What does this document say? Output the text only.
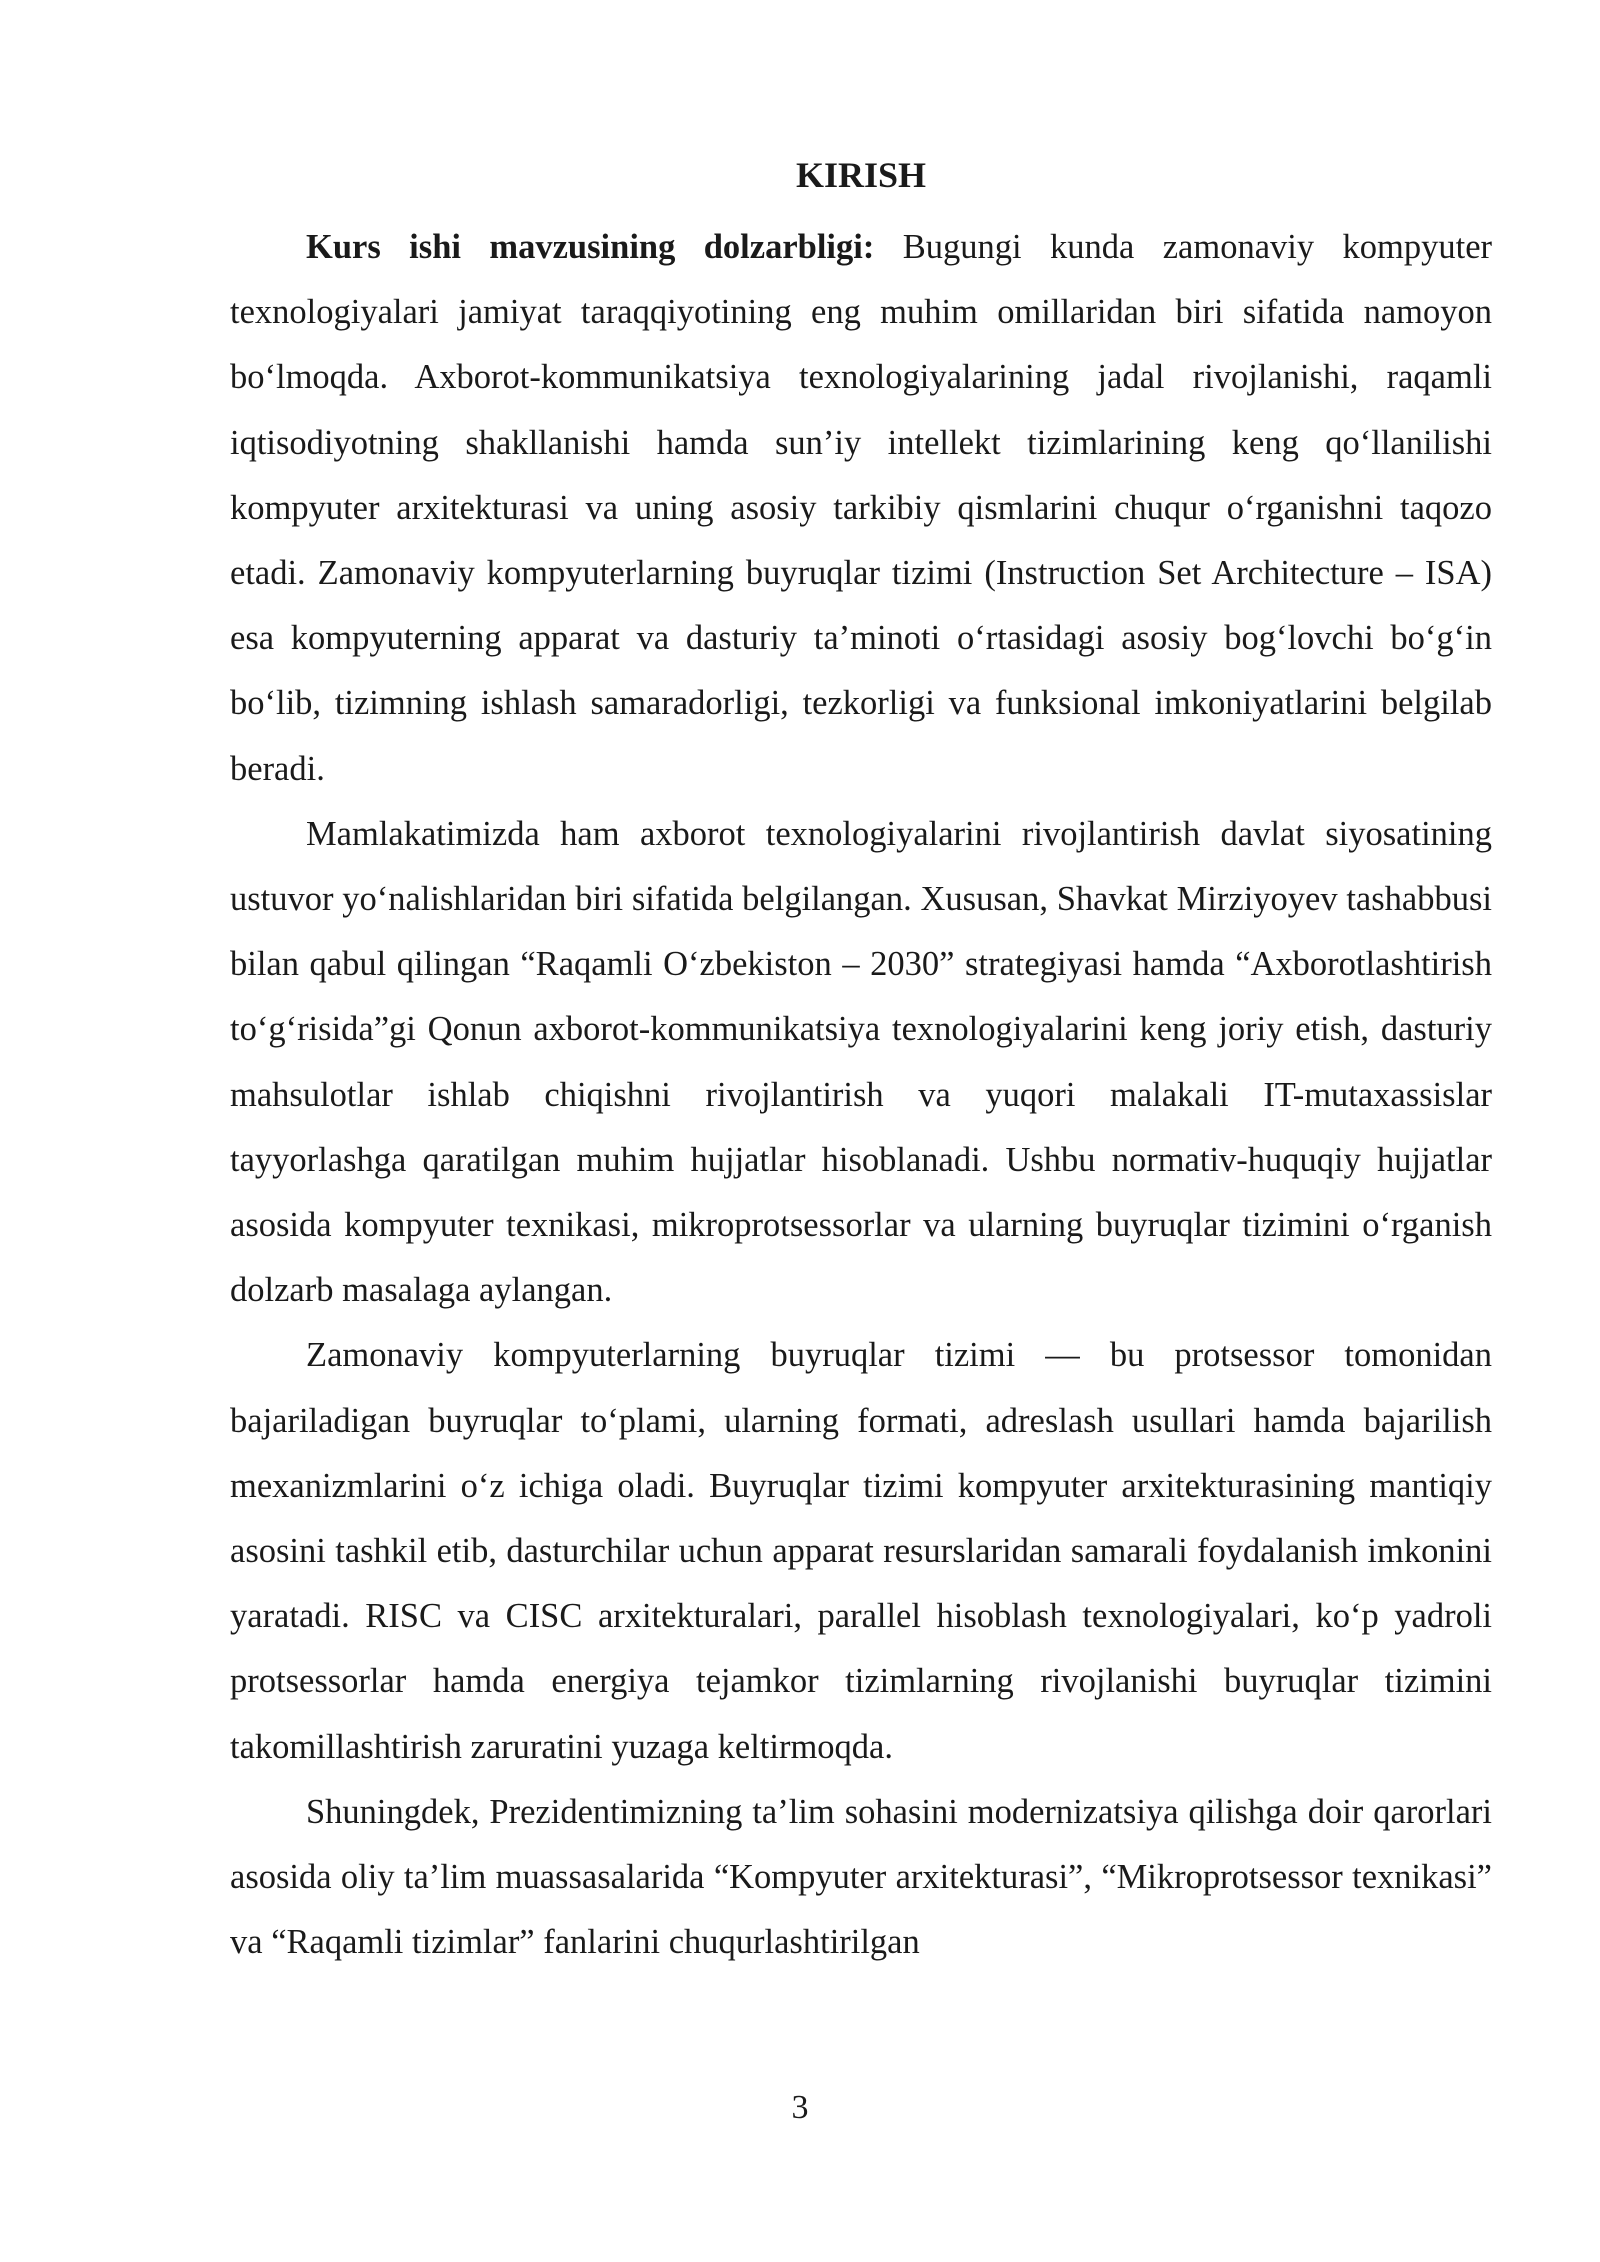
KIRISH

Kurs ishi mavzusining dolzarbligi: Bugungi kunda zamonaviy kompyuter texnologiyalari jamiyat taraqqiyotining eng muhim omillaridan biri sifatida namoyon bo‘lmoqda. Axborot-kommunikatsiya texnologiyalarining jadal rivojlanishi, raqamli iqtisodiyotning shakllanishi hamda sun’iy intellekt tizimlarining keng qo‘llanilishi kompyuter arxitekturasi va uning asosiy tarkibiy qismlarini chuqur o‘rganishni taqozo etadi. Zamonaviy kompyuterlarning buyruqlar tizimi (Instruction Set Architecture – ISA) esa kompyuterning apparat va dasturiy ta’minoti o‘rtasidagi asosiy bog‘lovchi bo‘g‘in bo‘lib, tizimning ishlash samaradorligi, tezkorligi va funksional imkoniyatlarini belgilab beradi.

Mamlakatimizda ham axborot texnologiyalarini rivojlantirish davlat siyosatining ustuvor yo‘nalishlaridan biri sifatida belgilangan. Xususan, Shavkat Mirziyoyev tashabbusi bilan qabul qilingan “Raqamli O‘zbekiston – 2030” strategiyasi hamda “Axborotlashtirish to‘g‘risida”gi Qonun axborot-kommunikatsiya texnologiyalarini keng joriy etish, dasturiy mahsulotlar ishlab chiqishni rivojlantirish va yuqori malakali IT-mutaxassislar tayyorlashga qaratilgan muhim hujjatlar hisoblanadi. Ushbu normativ-huquqiy hujjatlar asosida kompyuter texnikasi, mikroprotsessorlar va ularning buyruqlar tizimini o‘rganish dolzarb masalaga aylangan.

Zamonaviy kompyuterlarning buyruqlar tizimi — bu protsessor tomonidan bajariladigan buyruqlar to‘plami, ularning formati, adreslash usullari hamda bajarilish mexanizmlarini o‘z ichiga oladi. Buyruqlar tizimi kompyuter arxitekturasining mantiqiy asosini tashkil etib, dasturchilar uchun apparat resurslaridan samarali foydalanish imkonini yaratadi. RISC va CISC arxitekturalari, parallel hisoblash texnologiyalari, ko‘p yadroli protsessorlar hamda energiya tejamkor tizimlarning rivojlanishi buyruqlar tizimini takomillashtirish zaruratini yuzaga keltirmoqda.

Shuningdek, Prezidentimizning ta’lim sohasini modernizatsiya qilishga doir qarorlari asosida oliy ta’lim muassasalarida “Kompyuter arxitekturasi”, “Mikroprotsessor texnikasi” va “Raqamli tizimlar” fanlarini chuqurlashtirilgan

3
